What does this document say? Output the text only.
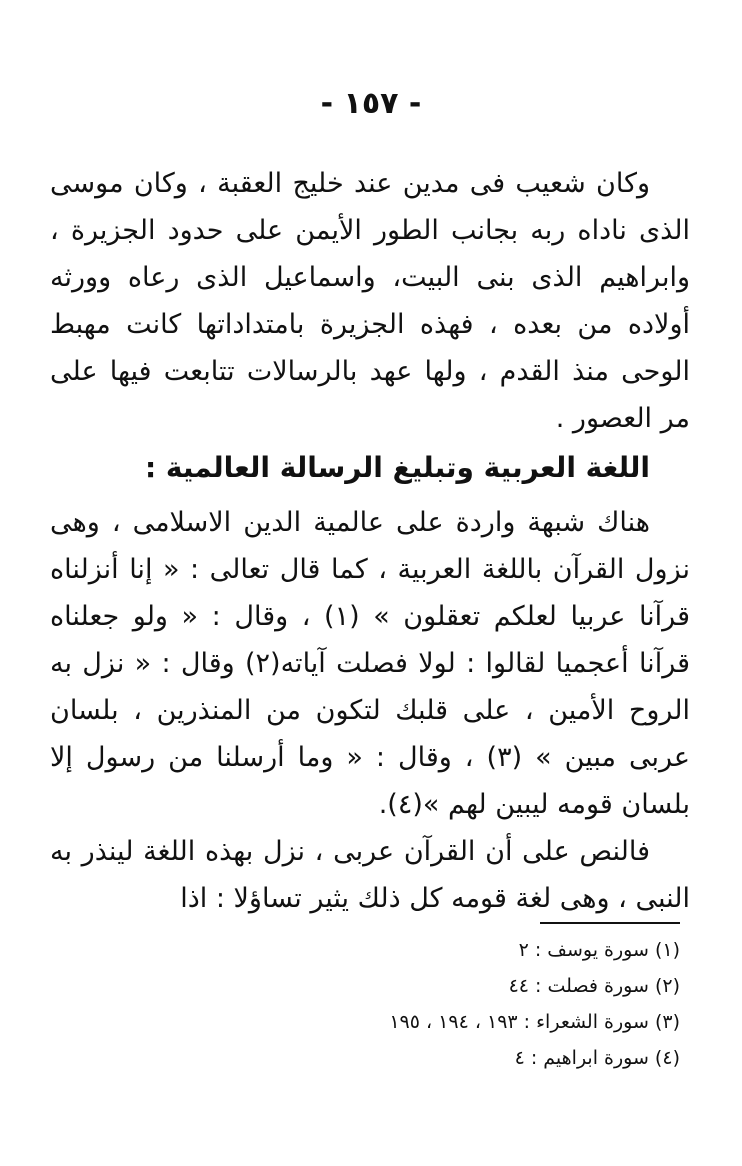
- ١٥٧ -

وكان شعيب فى مدين عند خليج العقبة ، وكان موسى الذى ناداه ربه بجانب الطور الأيمن على حدود الجزيرة ، وابراهيم الذى بنى البيت، واسماعيل الذى رعاه وورثه أولاده من بعده ، فهذه الجزيرة بامتداداتها كانت مهبط الوحى منذ القدم ، ولها عهد بالرسالات تتابعت فيها على مر العصور .

اللغة العربية وتبليغ الرسالة العالمية :

هناك شبهة واردة على عالمية الدين الاسلامى ، وهى نزول القرآن باللغة العربية ، كما قال تعالى : « إنا أنزلناه قرآنا عربيا لعلكم تعقلون » (١) ، وقال : « ولو جعلناه قرآنا أعجميا لقالوا : لولا فصلت آياته(٢) وقال : « نزل به الروح الأمين ، على قلبك لتكون من المنذرين ، بلسان عربى مبين » (٣) ، وقال : « وما أرسلنا من رسول إلا بلسان قومه ليبين لهم »(٤).

فالنص على أن القرآن عربى ، نزل بهذه اللغة لينذر به النبى ، وهى لغة قومه كل ذلك يثير تساؤلا : اذا

(١) سورة يوسف : ٢
(٢) سورة فصلت : ٤٤
(٣) سورة الشعراء : ١٩٣ ، ١٩٤ ، ١٩٥
(٤) سورة ابراهيم : ٤
